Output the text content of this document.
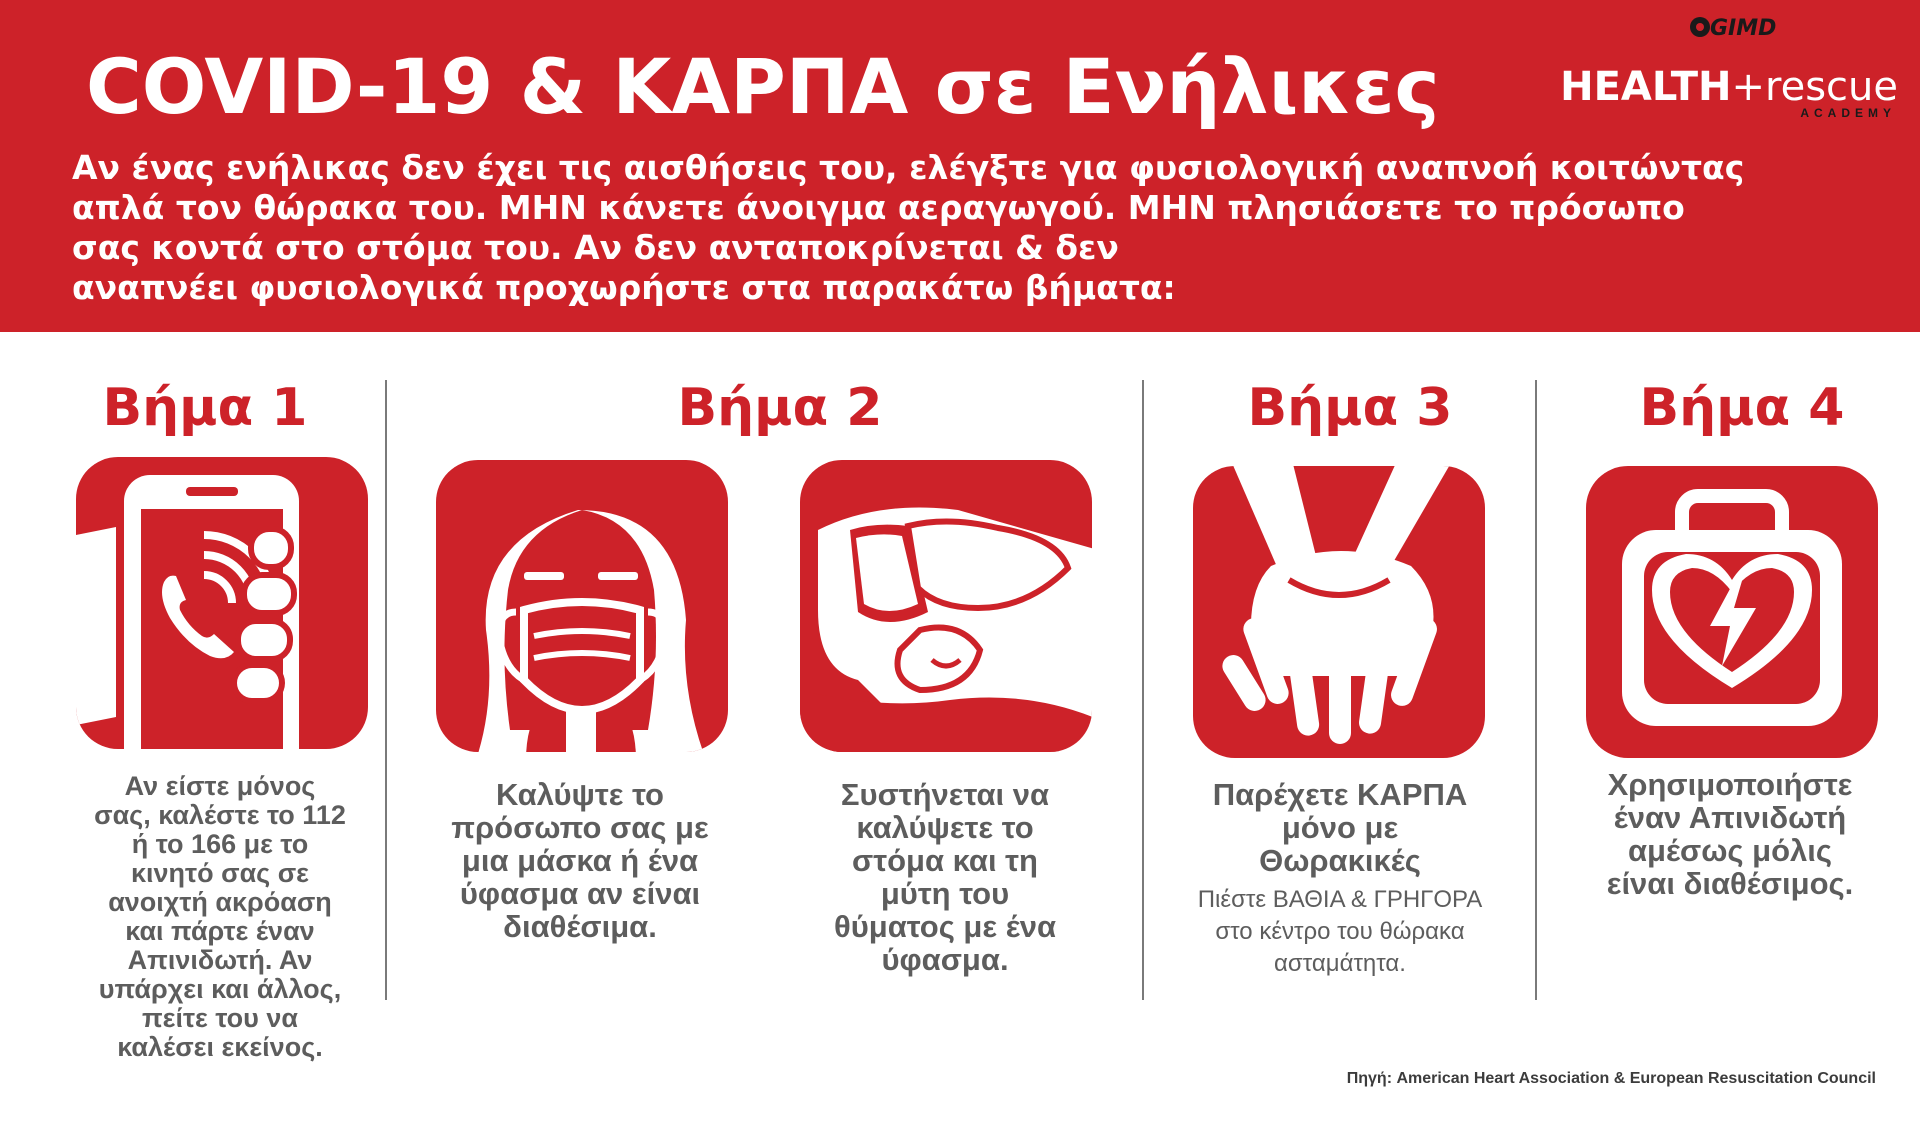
COVID-19 & ΚΑΡΠΑ σε Ενήλικες
GIMD
HEALTH+rescue
ACADEMY
Αν ένας ενήλικας δεν έχει τις αισθήσεις του, ελέγξτε για φυσιολογική αναπνοή κοιτώντας
απλά τον θώρακα του. ΜΗΝ κάνετε άνοιγμα αεραγωγού. ΜΗΝ πλησιάσετε το πρόσωπο
σας κοντά στο στόμα του. Αν δεν ανταποκρίνεται & δεν
αναπνέει φυσιολογικά προχωρήστε στα παρακάτω βήματα:
Βήμα 1	Βήμα 2	Βήμα 3	Βήμα 4
Αν είστε μόνος
σας, καλέστε το 112
ή το 166 με το
κινητό σας σε
ανοιχτή ακρόαση
και πάρτε έναν
Απινιδωτή. Αν
υπάρχει και άλλος,
πείτε του να
καλέσει εκείνος.
Καλύψτε το
πρόσωπο σας με
μια μάσκα ή ένα
ύφασμα αν είναι
διαθέσιμα.
Συστήνεται να
καλύψετε το
στόμα και τη
μύτη του
θύματος με ένα
ύφασμα.
Παρέχετε ΚΑΡΠΑ
μόνο με
Θωρακικές
Πιέστε ΒΑΘΙΑ & ΓΡΗΓΟΡΑ
στο κέντρο του θώρακα
ασταμάτητα.
Χρησιμοποιήστε
έναν Απινιδωτή
αμέσως μόλις
είναι διαθέσιμος.
Πηγή: American Heart Association & European Resuscitation Council
